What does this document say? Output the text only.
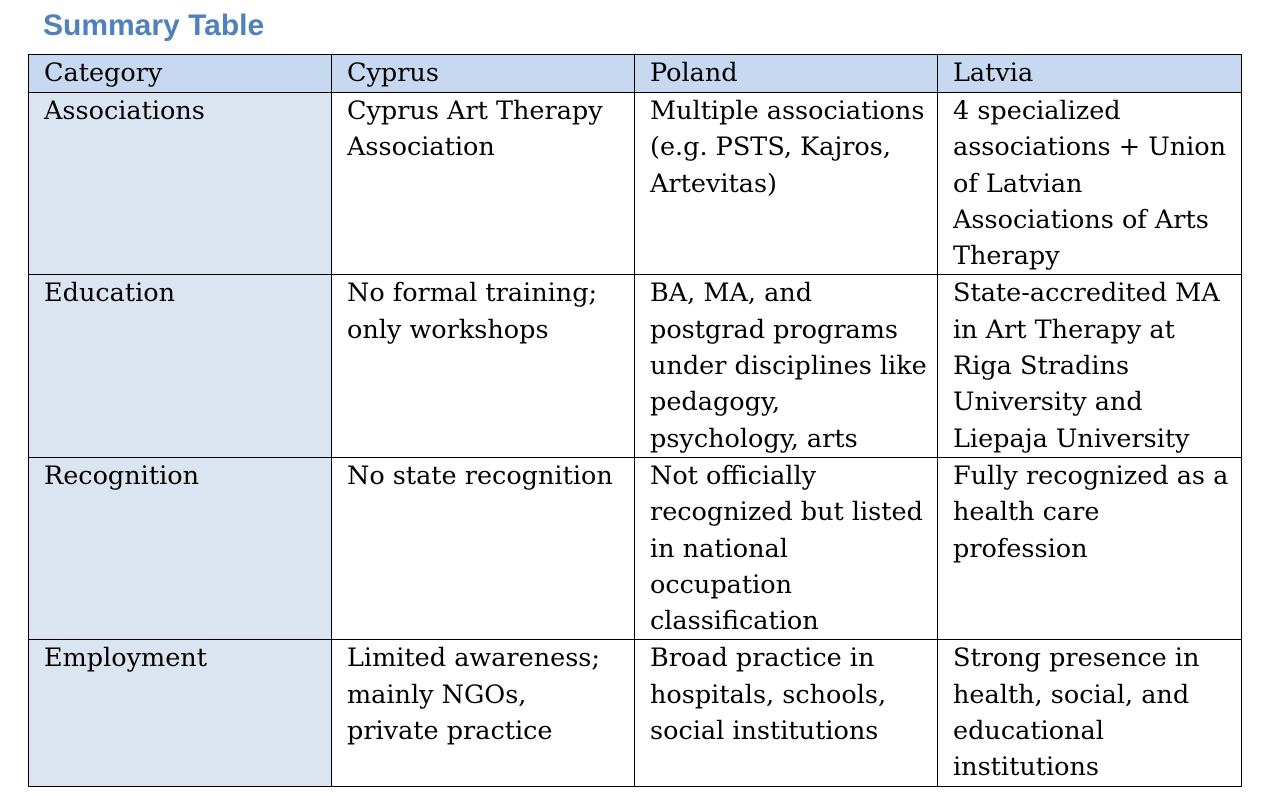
Summary Table
Category	Cyprus	Poland	Latvia

Associations	Cyprus Art Therapy Association	Multiple associations (e.g. PSTS, Kajros, Artevitas)	4 specialized associations + Union of Latvian Associations of Arts Therapy

Education	No formal training; only workshops	BA, MA, and postgrad programs under disciplines like pedagogy, psychology, arts	State-accredited MA in Art Therapy at Riga Stradins University and Liepaja University

Recognition	No state recognition	Not officially recognized but listed in national occupation classification	Fully recognized as a health care profession

Employment	Limited awareness; mainly NGOs, private practice	Broad practice in hospitals, schools, social institutions	Strong presence in health, social, and educational institutions
